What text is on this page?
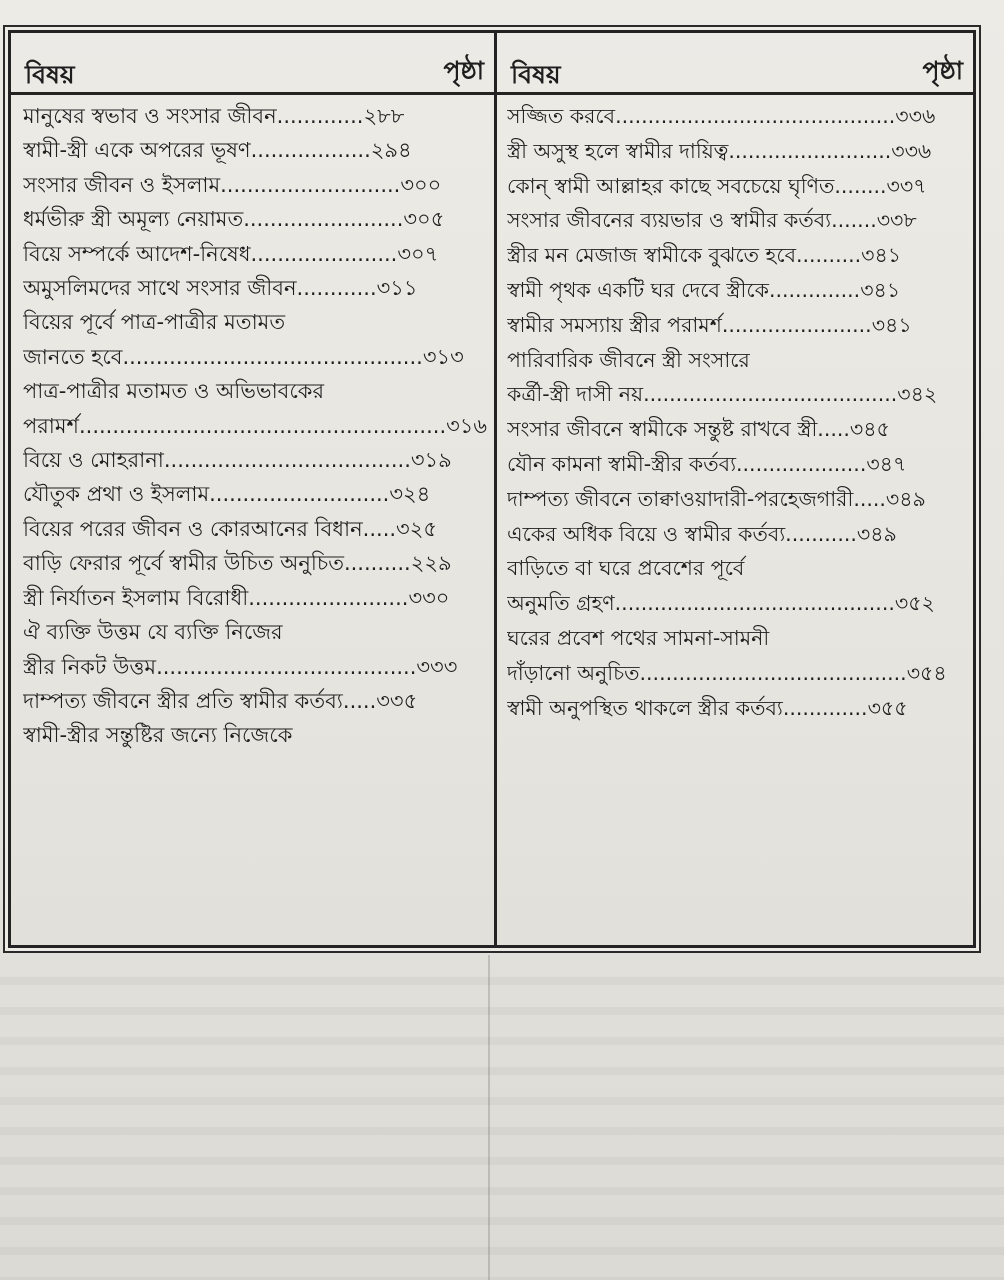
বিষয়	পৃষ্ঠা
মানুষের স্বভাব ও সংসার জীবন.............২৮৮
স্বামী-স্ত্রী একে অপরের ভূষণ..................২৯৪
সংসার জীবন ও ইসলাম...........................৩০০
ধর্মভীরু স্ত্রী অমূল্য নেয়ামত........................৩০৫
বিয়ে সম্পর্কে আদেশ-নিষেধ......................৩০৭
অমুসলিমদের সাথে সংসার জীবন............৩১১
বিয়ের পূর্বে পাত্র-পাত্রীর মতামত
জানতে হবে.............................................৩১৩
পাত্র-পাত্রীর মতামত ও অভিভাবকের
পরামর্শ.......................................................৩১৬
বিয়ে ও মোহরানা.....................................৩১৯
যৌতুক প্রথা ও ইসলাম...........................৩২৪
বিয়ের পরের জীবন ও কোরআনের বিধান.....৩২৫
বাড়ি ফেরার পূর্বে স্বামীর উচিত অনুচিত..........২২৯
স্ত্রী নির্যাতন ইসলাম বিরোধী........................৩৩০
ঐ ব্যক্তি উত্তম যে ব্যক্তি নিজের
স্ত্রীর নিকট উত্তম.......................................৩৩৩
দাম্পত্য জীবনে স্ত্রীর প্রতি স্বামীর কর্তব্য.....৩৩৫
স্বামী-স্ত্রীর সন্তুষ্টির জন্যে নিজেকে
বিষয়	পৃষ্ঠা
সজ্জিত করবে...........................................৩৩৬
স্ত্রী অসুস্থ হলে স্বামীর দায়িত্ব.........................৩৩৬
কোন্ স্বামী আল্লাহর কাছে সবচেয়ে ঘৃণিত........৩৩৭
সংসার জীবনের ব্যয়ভার ও স্বামীর কর্তব্য.......৩৩৮
স্ত্রীর মন মেজাজ স্বামীকে বুঝতে হবে..........৩৪১
স্বামী পৃথক একটি ঘর দেবে স্ত্রীকে..............৩৪১
স্বামীর সমস্যায় স্ত্রীর পরামর্শ.......................৩৪১
পারিবারিক জীবনে স্ত্রী সংসারে
কর্ত্রী-স্ত্রী দাসী নয়.......................................৩৪২
সংসার জীবনে স্বামীকে সন্তুষ্ট রাখবে স্ত্রী.....৩৪৫
যৌন কামনা স্বামী-স্ত্রীর কর্তব্য....................৩৪৭
দাম্পত্য জীবনে তাক্বাওয়াদারী-পরহেজগারী.....৩৪৯
একের অধিক বিয়ে ও স্বামীর কর্তব্য...........৩৪৯
বাড়িতে বা ঘরে প্রবেশের পূর্বে
অনুমতি গ্রহণ...........................................৩৫২
ঘরের প্রবেশ পথের সামনা-সামনী
দাঁড়ানো অনুচিত.........................................৩৫৪
স্বামী অনুপস্থিত থাকলে স্ত্রীর কর্তব্য.............৩৫৫
